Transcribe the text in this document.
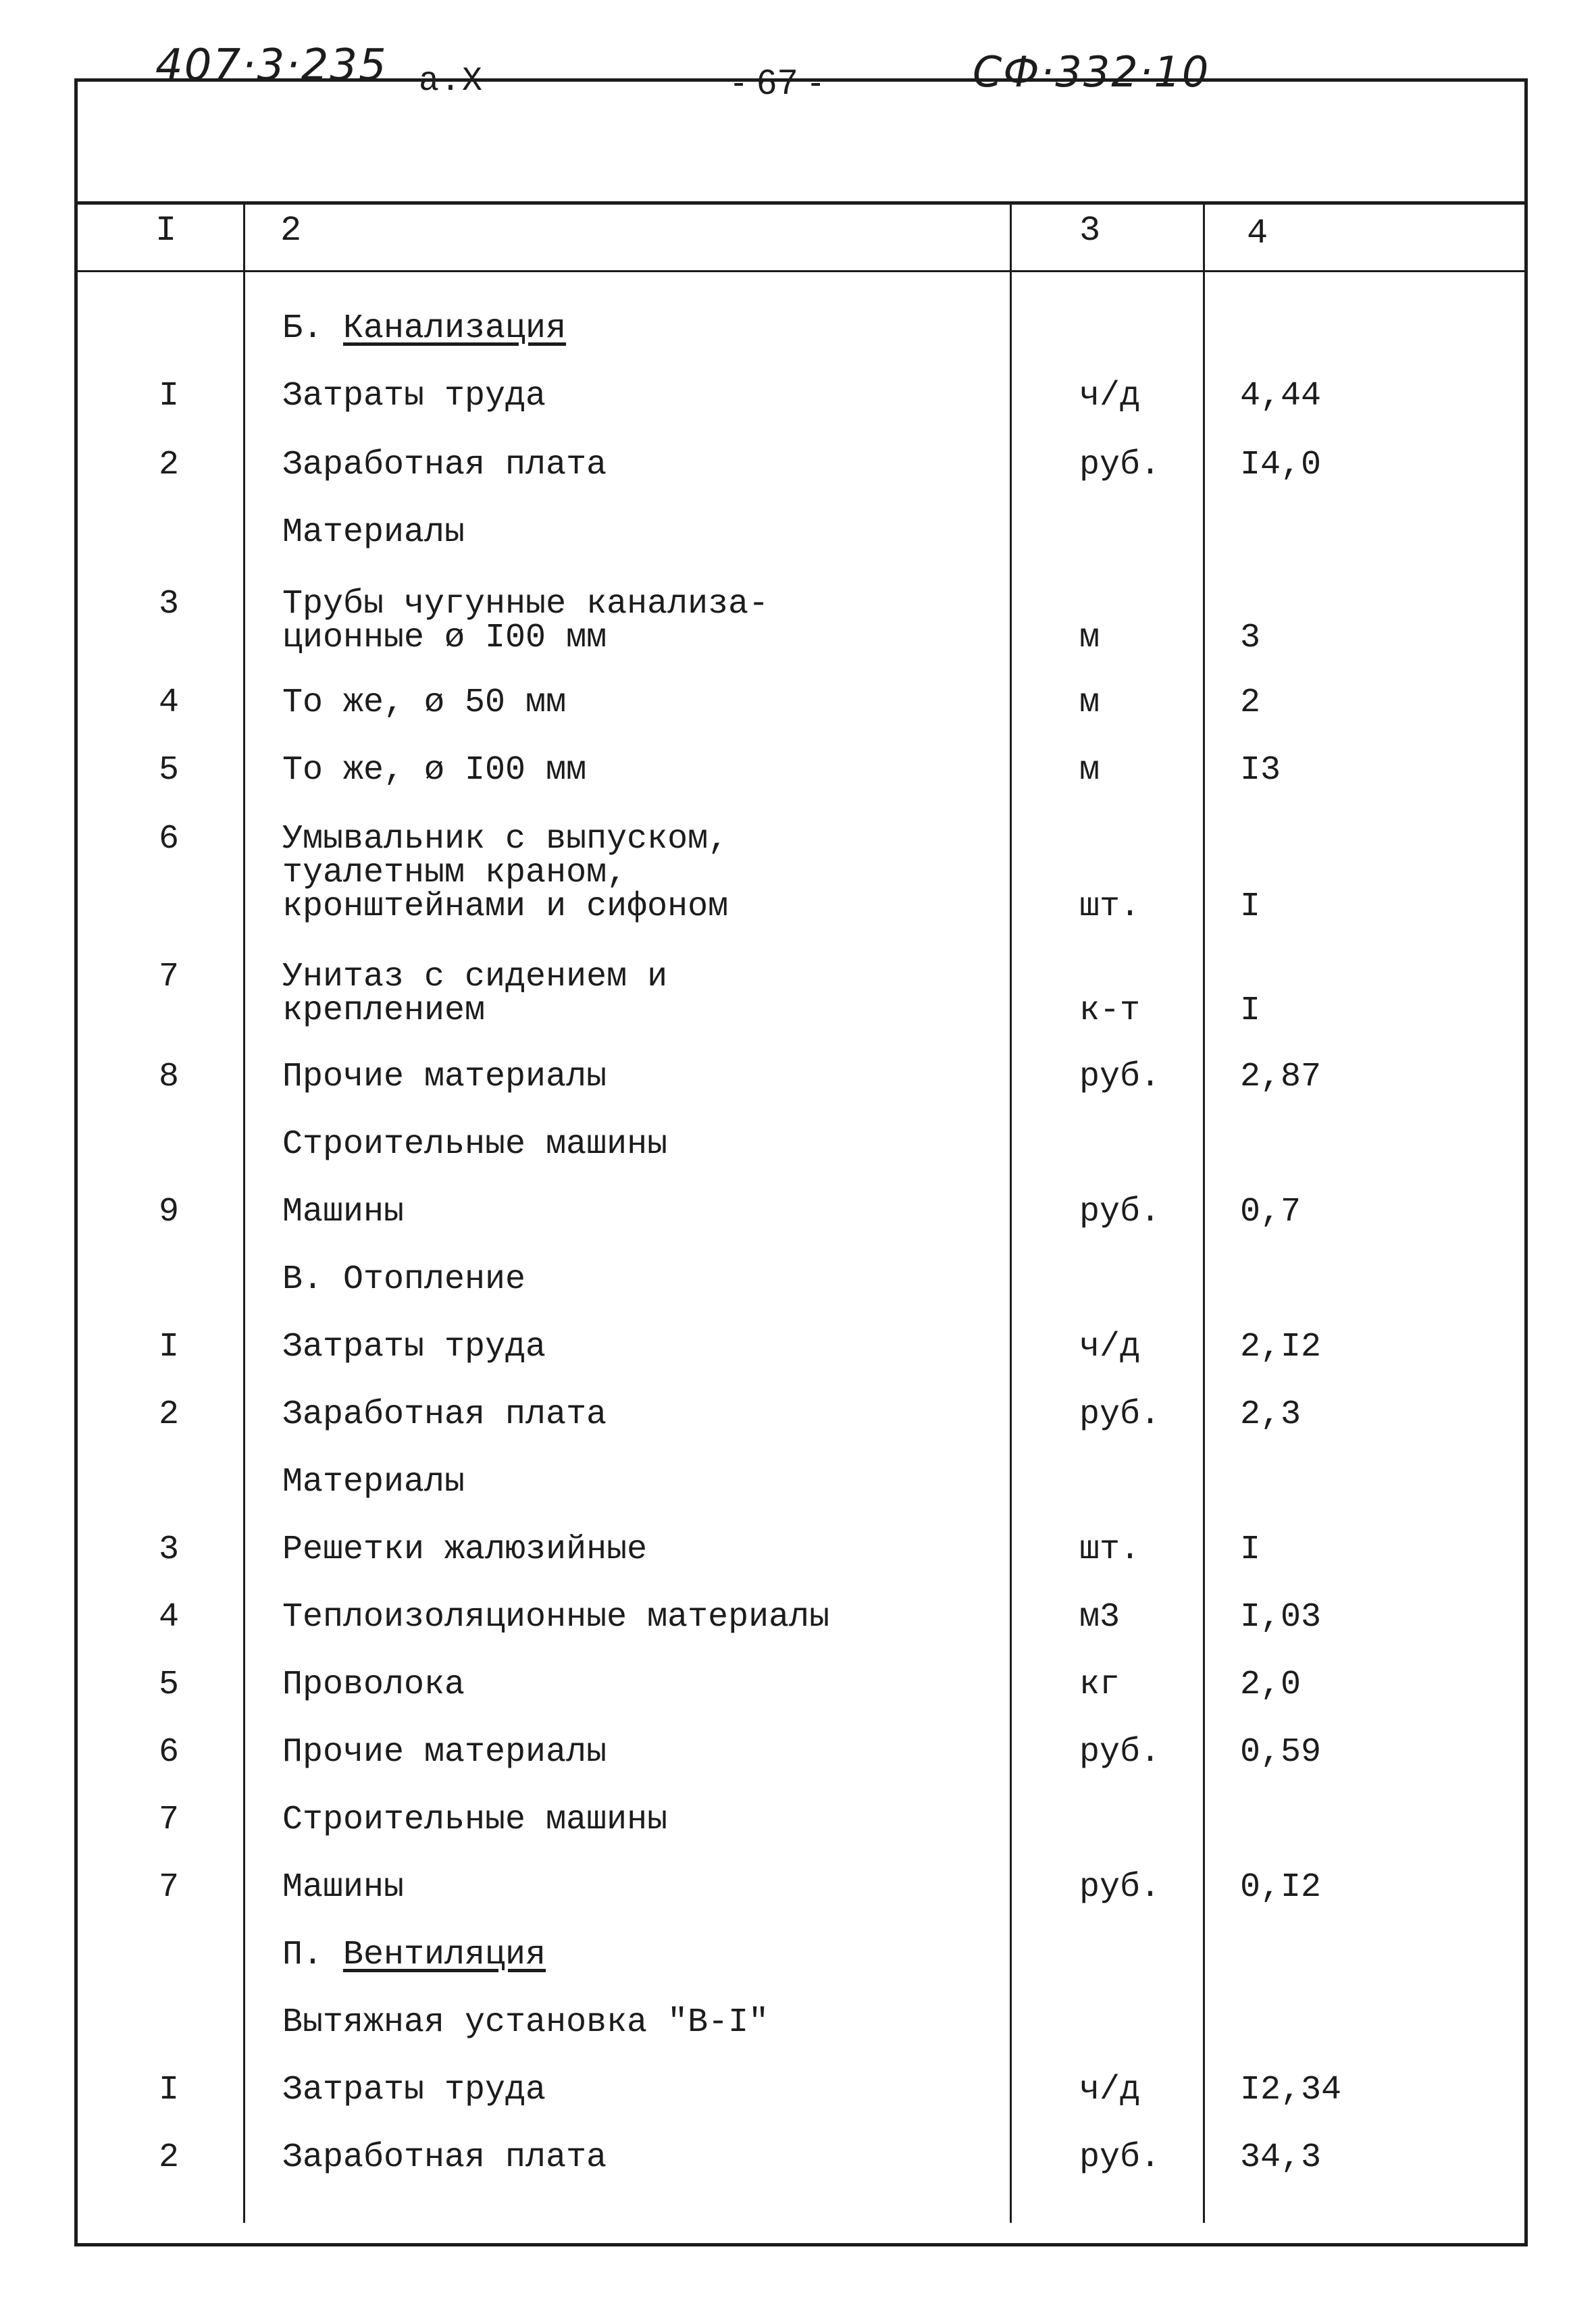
407·3·235 а.X	- 67 -	СФ·332·10
I	2	3	4
Б. Канализация
I	Затраты труда	ч/д	4,44
2	Заработная плата	руб.	I4,0
Материалы
3	Трубы чугунные канализа-
ционные ø I00 мм	м	3
4	То же, ø 50 мм	м	2
5	То же, ø I00 мм	м	I3
6	Умывальник с выпуском,
туалетным краном,
кронштейнами и сифоном	шт.	I
7	Унитаз с сидением и
креплением	к-т	I
8	Прочие материалы	руб.	2,87
Строительные машины
9	Машины	руб.	0,7
В. Отопление
I	Затраты труда	ч/д	2,I2
2	Заработная плата	руб.	2,3
Материалы
3	Решетки жалюзийные	шт.	I
4	Теплоизоляционные материалы	м3	I,03
5	Проволока	кг	2,0
6	Прочие материалы	руб.	0,59
7	Строительные машины
7	Машины	руб.	0,I2
П. Вентиляция
Вытяжная установка "В-I"
I	Затраты труда	ч/д	I2,34
2	Заработная плата	руб.	34,3
